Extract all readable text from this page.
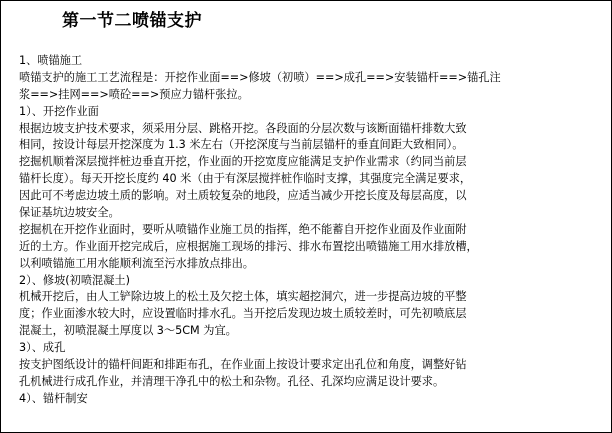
第一节二喷锚支护
1、喷锚施工
喷锚支护的施工工艺流程是：开挖作业面==>修坡（初喷）==>成孔==>安装锚杆==>锚孔注
浆==>挂网==>喷砼==>预应力锚杆张拉。
1）、开挖作业面
根据边坡支护技术要求，须采用分层、跳格开挖。各段面的分层次数与该断面锚杆排数大致
相同，按设计每层开挖深度为 1.3 米左右（开挖深度与当前层锚杆的垂直间距大致相同）。
挖掘机顺着深层搅拌桩边垂直开挖，作业面的开挖宽度应能满足支护作业需求（约同当前层
锚杆长度）。每天开挖长度约 40 米（由于有深层搅拌桩作临时支撑，其强度完全满足要求，
因此可不考虑边坡土质的影响。对土质较复杂的地段，应适当减少开挖长度及每层高度，以
保证基坑边坡安全。
挖掘机在开挖作业面时，要听从喷锚作业施工员的指挥，绝不能蓄自开挖作业面及作业面附
近的土方。作业面开挖完成后，应根据施工现场的排污、排水布置挖出喷锚施工用水排放槽，
以利喷锚施工用水能顺利流至污水排放点排出。
2）、修坡(初喷混凝土)
机械开挖后，由人工铲除边坡上的松土及欠挖土体，填实超挖洞穴，进一步提高边坡的平整
度；作业面渗水较大时，应设置临时排水孔。当开挖后发现边坡土质较差时，可先初喷底层
混凝土，初喷混凝土厚度以 3～5CM 为宜。
3）、成孔
按支护图纸设计的锚杆间距和排距布孔，在作业面上按设计要求定出孔位和角度，调整好钻
孔机械进行成孔作业，并清理干净孔中的松土和杂物。孔径、孔深均应满足设计要求。
4）、锚杆制安
